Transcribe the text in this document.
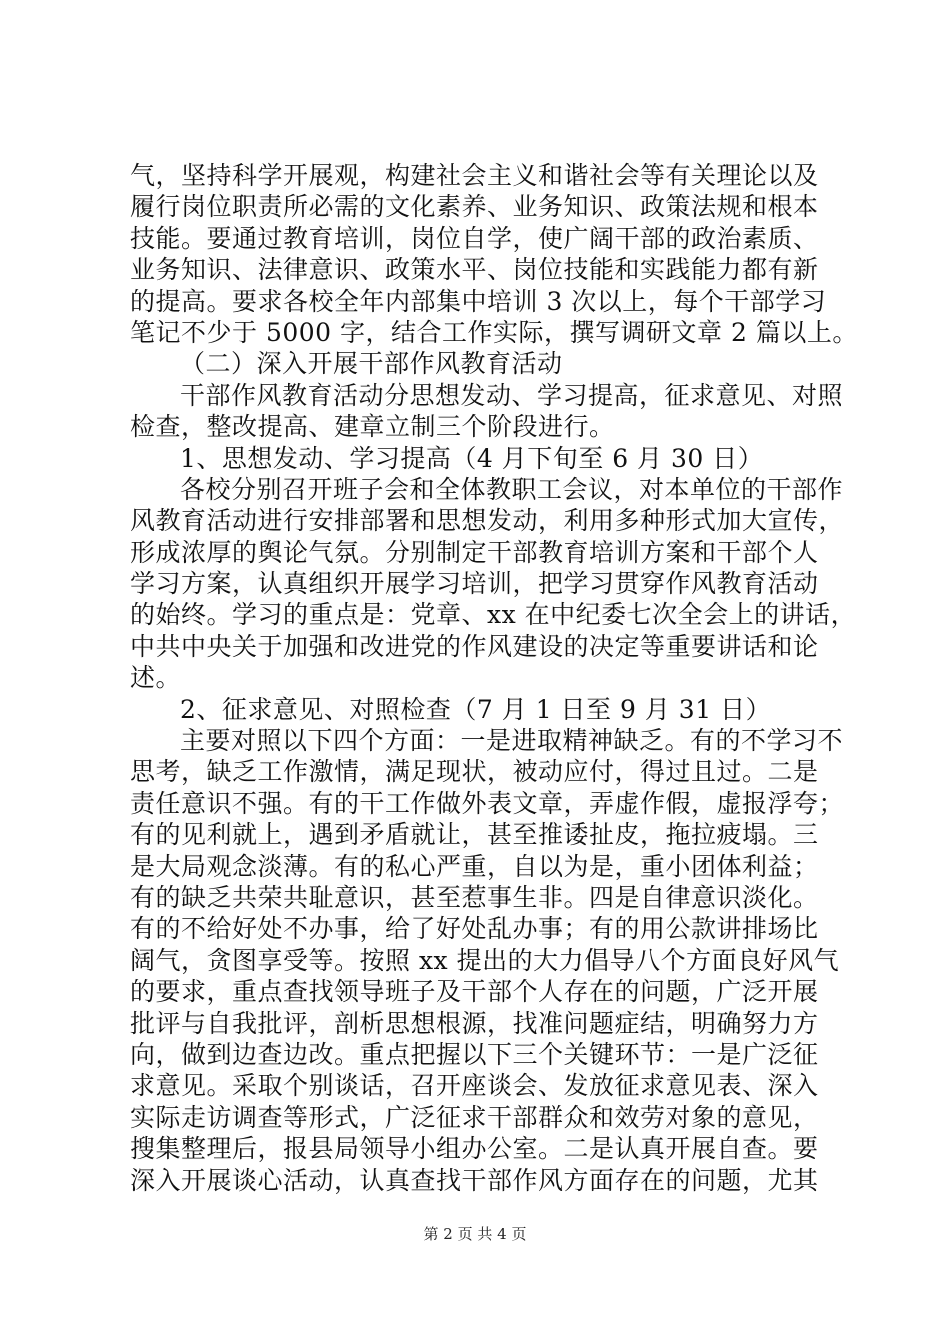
气，坚持科学开展观，构建社会主义和谐社会等有关理论以及
履行岗位职责所必需的文化素养、业务知识、政策法规和根本
技能。要通过教育培训，岗位自学，使广阔干部的政治素质、
业务知识、法律意识、政策水平、岗位技能和实践能力都有新
的提高。要求各校全年内部集中培训 3 次以上，每个干部学习
笔记不少于 5000 字，结合工作实际，撰写调研文章 2 篇以上。
（二）深入开展干部作风教育活动
干部作风教育活动分思想发动、学习提高，征求意见、对照
检查，整改提高、建章立制三个阶段进行。
1、思想发动、学习提高（4 月下旬至 6 月 30 日）
各校分别召开班子会和全体教职工会议，对本单位的干部作
风教育活动进行安排部署和思想发动，利用多种形式加大宣传，
形成浓厚的舆论气氛。分别制定干部教育培训方案和干部个人
学习方案，认真组织开展学习培训，把学习贯穿作风教育活动
的始终。学习的重点是：党章、xx 在中纪委七次全会上的讲话，
中共中央关于加强和改进党的作风建设的决定等重要讲话和论
述。
2、征求意见、对照检查（7 月 1 日至 9 月 31 日）
主要对照以下四个方面：一是进取精神缺乏。有的不学习不
思考，缺乏工作激情，满足现状，被动应付，得过且过。二是
责任意识不强。有的干工作做外表文章，弄虚作假，虚报浮夸；
有的见利就上，遇到矛盾就让，甚至推诿扯皮，拖拉疲塌。三
是大局观念淡薄。有的私心严重，自以为是，重小团体利益；
有的缺乏共荣共耻意识，甚至惹事生非。四是自律意识淡化。
有的不给好处不办事，给了好处乱办事；有的用公款讲排场比
阔气，贪图享受等。按照 xx 提出的大力倡导八个方面良好风气
的要求，重点查找领导班子及干部个人存在的问题，广泛开展
批评与自我批评，剖析思想根源，找准问题症结，明确努力方
向，做到边查边改。重点把握以下三个关键环节：一是广泛征
求意见。采取个别谈话，召开座谈会、发放征求意见表、深入
实际走访调查等形式，广泛征求干部群众和效劳对象的意见，
搜集整理后，报县局领导小组办公室。二是认真开展自查。要
深入开展谈心活动，认真查找干部作风方面存在的问题，尤其
第 2 页 共 4 页
